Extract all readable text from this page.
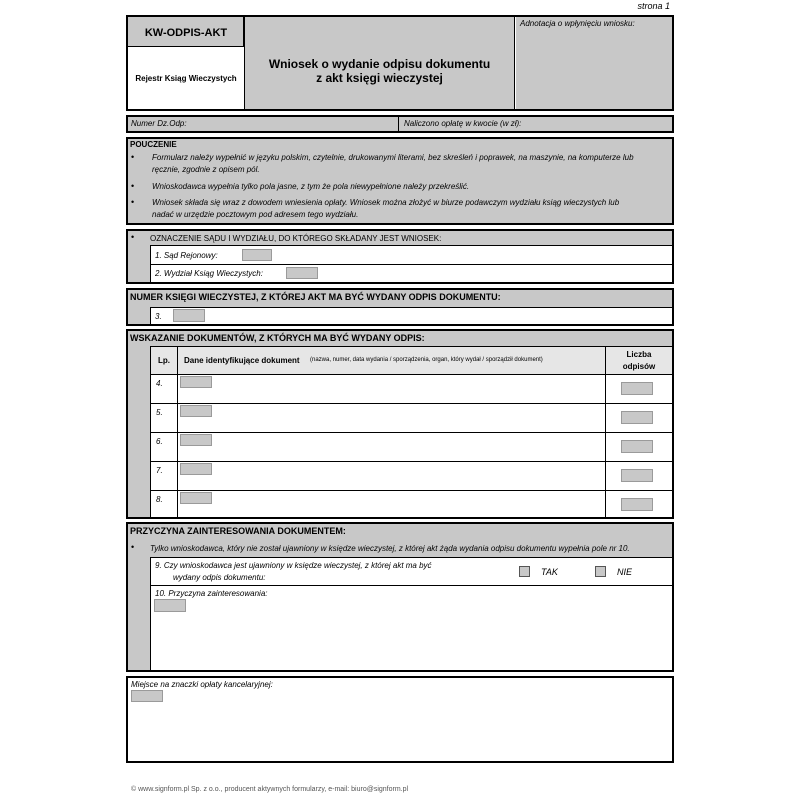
strona 1
KW-ODPIS-AKT
Rejestr Ksiąg Wieczystych
Wniosek o wydanie odpisu dokumentu
z akt księgi wieczystej
Adnotacja o wpłynięciu wniosku:
Numer Dz.Odp:	Naliczono opłatę w kwocie (w zł):
POUCZENIE
• Formularz należy wypełnić w języku polskim, czytelnie, drukowanymi literami, bez skreśleń i poprawek, na maszynie, na komputerze lub
ręcznie, zgodnie z opisem pól.
• Wnioskodawca wypełnia tylko pola jasne, z tym że pola niewypełnione należy przekreślić.
• Wniosek składa się wraz z dowodem wniesienia opłaty. Wniosek można złożyć w biurze podawczym wydziału ksiąg wieczystych lub
nadać w urzędzie pocztowym pod adresem tego wydziału.
• OZNACZENIE SĄDU I WYDZIAŁU, DO KTÓREGO SKŁADANY JEST WNIOSEK:
1. Sąd Rejonowy:
2. Wydział Ksiąg Wieczystych:
NUMER KSIĘGI WIECZYSTEJ, Z KTÓREJ AKT MA BYĆ WYDANY ODPIS DOKUMENTU:
3.
WSKAZANIE DOKUMENTÓW, Z KTÓRYCH MA BYĆ WYDANY ODPIS:
Lp.	Dane identyfikujące dokument (nazwa, numer, data wydania / sporządzenia, organ, który wydał / sporządził dokument)
Liczba
odpisów
4.
5.
6.
7.
8.
PRZYCZYNA ZAINTERESOWANIA DOKUMENTEM:
• Tylko wnioskodawca, który nie został ujawniony w księdze wieczystej, z której akt żąda wydania odpisu dokumentu wypełnia pole nr 10.
9. Czy wnioskodawca jest ujawniony w księdze wieczystej, z której akt ma być
wydany odpis dokumentu:
TAK	NIE
10. Przyczyna zainteresowania:
Miejsce na znaczki opłaty kancelaryjnej:
© www.signform.pl Sp. z o.o., producent aktywnych formularzy, e-mail: biuro@signform.pl
